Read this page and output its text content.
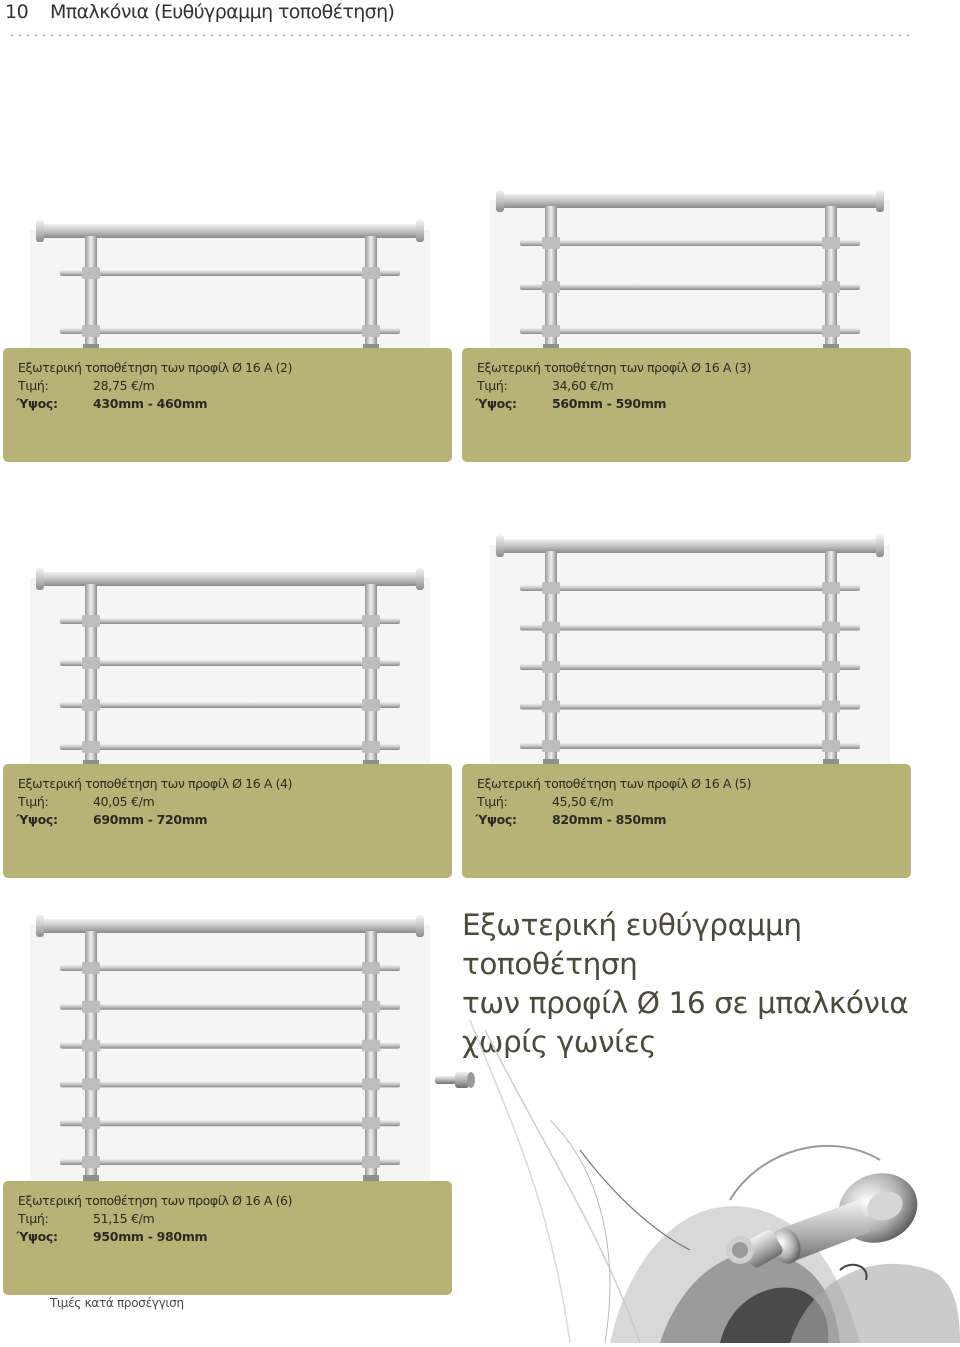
10 Μπαλκόνια (Ευθύγραμμη τοποθέτηση)
Εξωτερική τοποθέτηση των προφίλ Ø 16 A (2)
Τιμή:	28,75 €/m
΄Υψος:	430mm - 460mm
Εξωτερική τοποθέτηση των προφίλ Ø 16 A (3)
Τιμή:	34,60 €/m
΄Υψος:	560mm - 590mm
Εξωτερική τοποθέτηση των προφίλ Ø 16 A (4)
Τιμή:	40,05 €/m
΄Υψος:	690mm - 720mm
Εξωτερική τοποθέτηση των προφίλ Ø 16 A (5)
Τιμή:	45,50 €/m
΄Υψος:	820mm - 850mm
Εξωτερική τοποθέτηση των προφίλ Ø 16 A (6)
Τιμή:	51,15 €/m
΄Υψος:	950mm - 980mm
Εξωτερική ευθύγραμμη τοποθέτηση
των προφίλ Ø 16 σε μπαλκόνια
χωρίς γωνίες
Τιμές κατά προσέγγιση
